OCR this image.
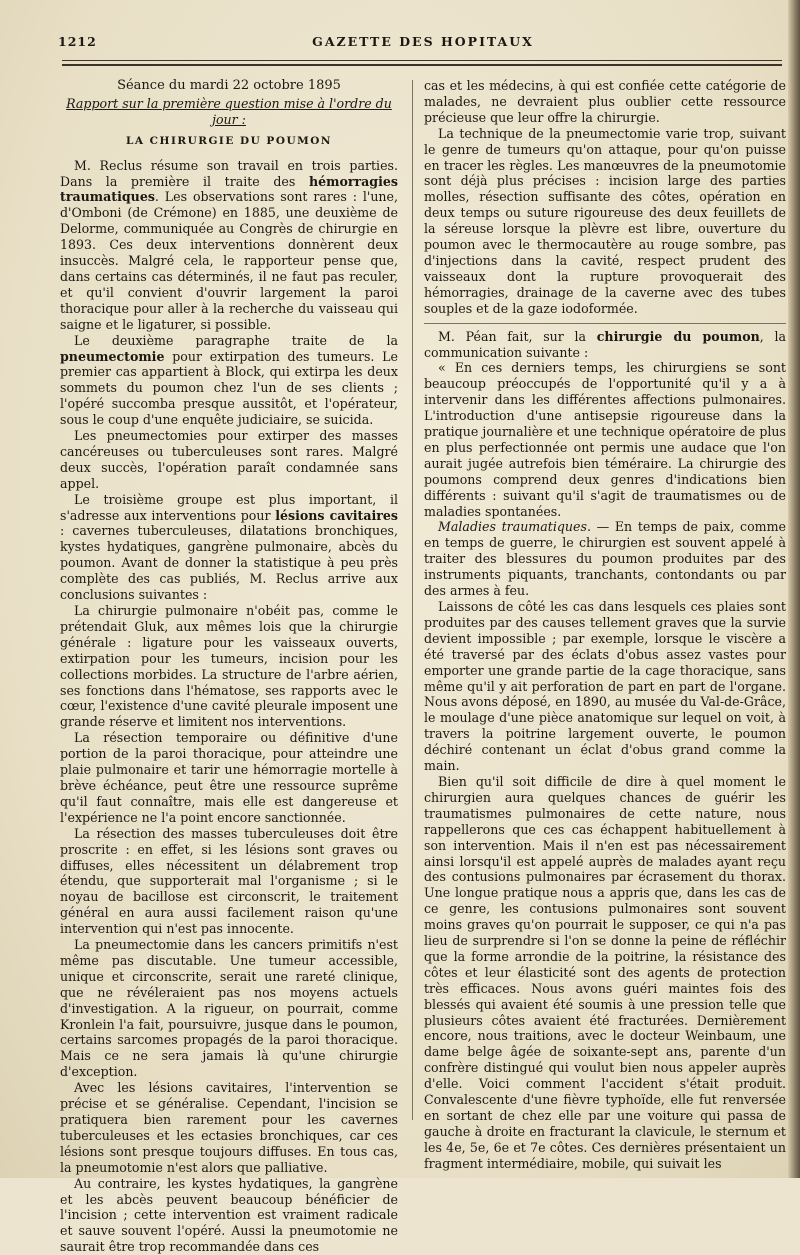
1212	GAZETTE DES HOPITAUX

Séance du mardi 22 octobre 1895

Rapport sur la première question mise à l'ordre du jour :

LA CHIRURGIE DU POUMON

M. Reclus résume son travail en trois parties. Dans la première il traite des hémorragies traumatiques. Les observations sont rares : l'une, d'Omboni (de Crémone) en 1885, une deuxième de Delorme, communiquée au Congrès de chirurgie en 1893. Ces deux interventions donnèrent deux insuccès. Malgré cela, le rapporteur pense que, dans certains cas déterminés, il ne faut pas reculer, et qu'il convient d'ouvrir largement la paroi thoracique pour aller à la recherche du vaisseau qui saigne et le ligaturer, si possible.

Le deuxième paragraphe traite de la pneumectomie pour extirpation des tumeurs. Le premier cas appartient à Block, qui extirpa les deux sommets du poumon chez l'un de ses clients ; l'opéré succomba presque aussitôt, et l'opérateur, sous le coup d'une enquête judiciaire, se suicida.

Les pneumectomies pour extirper des masses cancéreuses ou tuberculeuses sont rares. Malgré deux succès, l'opération paraît condamnée sans appel.

Le troisième groupe est plus important, il s'adresse aux interventions pour lésions cavitaires : cavernes tuberculeuses, dilatations bronchiques, kystes hydatiques, gangrène pulmonaire, abcès du poumon. Avant de donner la statistique à peu près complète des cas publiés, M. Reclus arrive aux conclusions suivantes :

La chirurgie pulmonaire n'obéit pas, comme le prétendait Gluk, aux mêmes lois que la chirurgie générale : ligature pour les vaisseaux ouverts, extirpation pour les tumeurs, incision pour les collections morbides. La structure de l'arbre aérien, ses fonctions dans l'hématose, ses rapports avec le cœur, l'existence d'une cavité pleurale imposent une grande réserve et limitent nos interventions.

La résection temporaire ou définitive d'une portion de la paroi thoracique, pour atteindre une plaie pulmonaire et tarir une hémorragie mortelle à brève échéance, peut être une ressource suprême qu'il faut connaître, mais elle est dangereuse et l'expérience ne l'a point encore sanctionnée.

La résection des masses tuberculeuses doit être proscrite : en effet, si les lésions sont graves ou diffuses, elles nécessitent un délabrement trop étendu, que supporterait mal l'organisme ; si le noyau de bacillose est circonscrit, le traitement général en aura aussi facilement raison qu'une intervention qui n'est pas innocente.

La pneumectomie dans les cancers primitifs n'est même pas discutable. Une tumeur accessible, unique et circonscrite, serait une rareté clinique, que ne révéleraient pas nos moyens actuels d'investigation. A la rigueur, on pourrait, comme Kronlein l'a fait, poursuivre, jusque dans le poumon, certains sarcomes propagés de la paroi thoracique. Mais ce ne sera jamais là qu'une chirurgie d'exception.

Avec les lésions cavitaires, l'intervention se précise et se généralise. Cependant, l'incision se pratiquera bien rarement pour les cavernes tuberculeuses et les ectasies bronchiques, car ces lésions sont presque toujours diffuses. En tous cas, la pneumotomie n'est alors que palliative.

Au contraire, les kystes hydatiques, la gangrène et les abcès peuvent beaucoup bénéficier de l'incision ; cette intervention est vraiment radicale et sauve souvent l'opéré. Aussi la pneumotomie ne saurait être trop recommandée dans ces

cas et les médecins, à qui est confiée cette catégorie de malades, ne devraient plus oublier cette ressource précieuse que leur offre la chirurgie.

La technique de la pneumectomie varie trop, suivant le genre de tumeurs qu'on attaque, pour qu'on puisse en tracer les règles. Les manœuvres de la pneumotomie sont déjà plus précises : incision large des parties molles, résection suffisante des côtes, opération en deux temps ou suture rigoureuse des deux feuillets de la séreuse lorsque la plèvre est libre, ouverture du poumon avec le thermocautère au rouge sombre, pas d'injections dans la cavité, respect prudent des vaisseaux dont la rupture provoquerait des hémorragies, drainage de la caverne avec des tubes souples et de la gaze iodoformée.

M. Péan fait, sur la chirurgie du poumon, la communication suivante :

« En ces derniers temps, les chirurgiens se sont beaucoup préoccupés de l'opportunité qu'il y a à intervenir dans les différentes affections pulmonaires. L'introduction d'une antisepsie rigoureuse dans la pratique journalière et une technique opératoire de plus en plus perfectionnée ont permis une audace que l'on aurait jugée autrefois bien téméraire. La chirurgie des poumons comprend deux genres d'indications bien différents : suivant qu'il s'agit de traumatismes ou de maladies spontanées.

Maladies traumatiques. — En temps de paix, comme en temps de guerre, le chirurgien est souvent appelé à traiter des blessures du poumon produites par des instruments piquants, tranchants, contondants ou par des armes à feu.

Laissons de côté les cas dans lesquels ces plaies sont produites par des causes tellement graves que la survie devient impossible ; par exemple, lorsque le viscère a été traversé par des éclats d'obus assez vastes pour emporter une grande partie de la cage thoracique, sans même qu'il y ait perforation de part en part de l'organe. Nous avons déposé, en 1890, au musée du Val-de-Grâce, le moulage d'une pièce anatomique sur lequel on voit, à travers la poitrine largement ouverte, le poumon déchiré contenant un éclat d'obus grand comme la main.

Bien qu'il soit difficile de dire à quel moment le chirurgien aura quelques chances de guérir les traumatismes pulmonaires de cette nature, nous rappellerons que ces cas échappent habituellement à son intervention. Mais il n'en est pas nécessairement ainsi lorsqu'il est appelé auprès de malades ayant reçu des contusions pulmonaires par écrasement du thorax. Une longue pratique nous a appris que, dans les cas de ce genre, les contusions pulmonaires sont souvent moins graves qu'on pourrait le supposer, ce qui n'a pas lieu de surprendre si l'on se donne la peine de réfléchir que la forme arrondie de la poitrine, la résistance des côtes et leur élasticité sont des agents de protection très efficaces. Nous avons guéri maintes fois des blessés qui avaient été soumis à une pression telle que plusieurs côtes avaient été fracturées. Dernièrement encore, nous traitions, avec le docteur Weinbaum, une dame belge âgée de soixante-sept ans, parente d'un confrère distingué qui voulut bien nous appeler auprès d'elle. Voici comment l'accident s'était produit. Convalescente d'une fièvre typhoïde, elle fut renversée en sortant de chez elle par une voiture qui passa de gauche à droite en fracturant la clavicule, le sternum et les 4e, 5e, 6e et 7e côtes. Ces dernières présentaient un fragment intermédiaire, mobile, qui suivait les
